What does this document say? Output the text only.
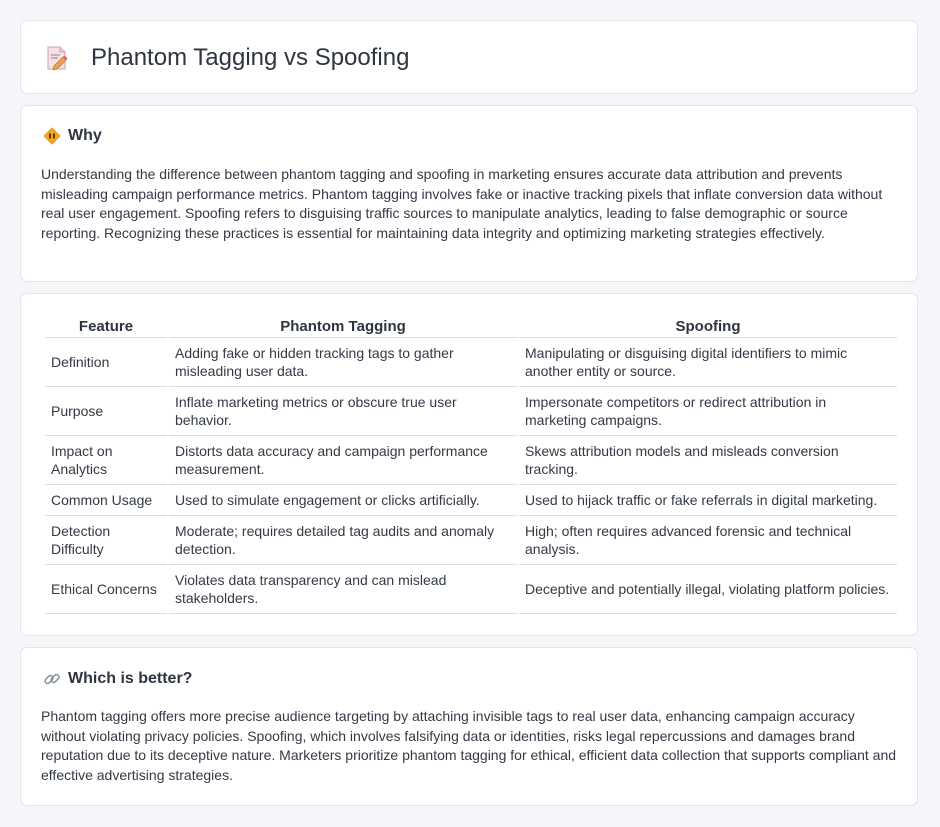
Phantom Tagging vs Spoofing
Why

Understanding the difference between phantom tagging and spoofing in marketing ensures accurate data attribution and prevents misleading campaign performance metrics. Phantom tagging involves fake or inactive tracking pixels that inflate conversion data without real user engagement. Spoofing refers to disguising traffic sources to manipulate analytics, leading to false demographic or source reporting. Recognizing these practices is essential for maintaining data integrity and optimizing marketing strategies effectively.

Feature	Phantom Tagging	Spoofing
Definition	Adding fake or hidden tracking tags to gather misleading user data.	Manipulating or disguising digital identifiers to mimic another entity or source.
Purpose	Inflate marketing metrics or obscure true user behavior.	Impersonate competitors or redirect attribution in marketing campaigns.
Impact on Analytics	Distorts data accuracy and campaign performance measurement.	Skews attribution models and misleads conversion tracking.
Common Usage	Used to simulate engagement or clicks artificially.	Used to hijack traffic or fake referrals in digital marketing.
Detection Difficulty	Moderate; requires detailed tag audits and anomaly detection.	High; often requires advanced forensic and technical analysis.
Ethical Concerns	Violates data transparency and can mislead stakeholders.	Deceptive and potentially illegal, violating platform policies.
Which is better?

Phantom tagging offers more precise audience targeting by attaching invisible tags to real user data, enhancing campaign accuracy without violating privacy policies. Spoofing, which involves falsifying data or identities, risks legal repercussions and damages brand reputation due to its deceptive nature. Marketers prioritize phantom tagging for ethical, efficient data collection that supports compliant and effective advertising strategies.
